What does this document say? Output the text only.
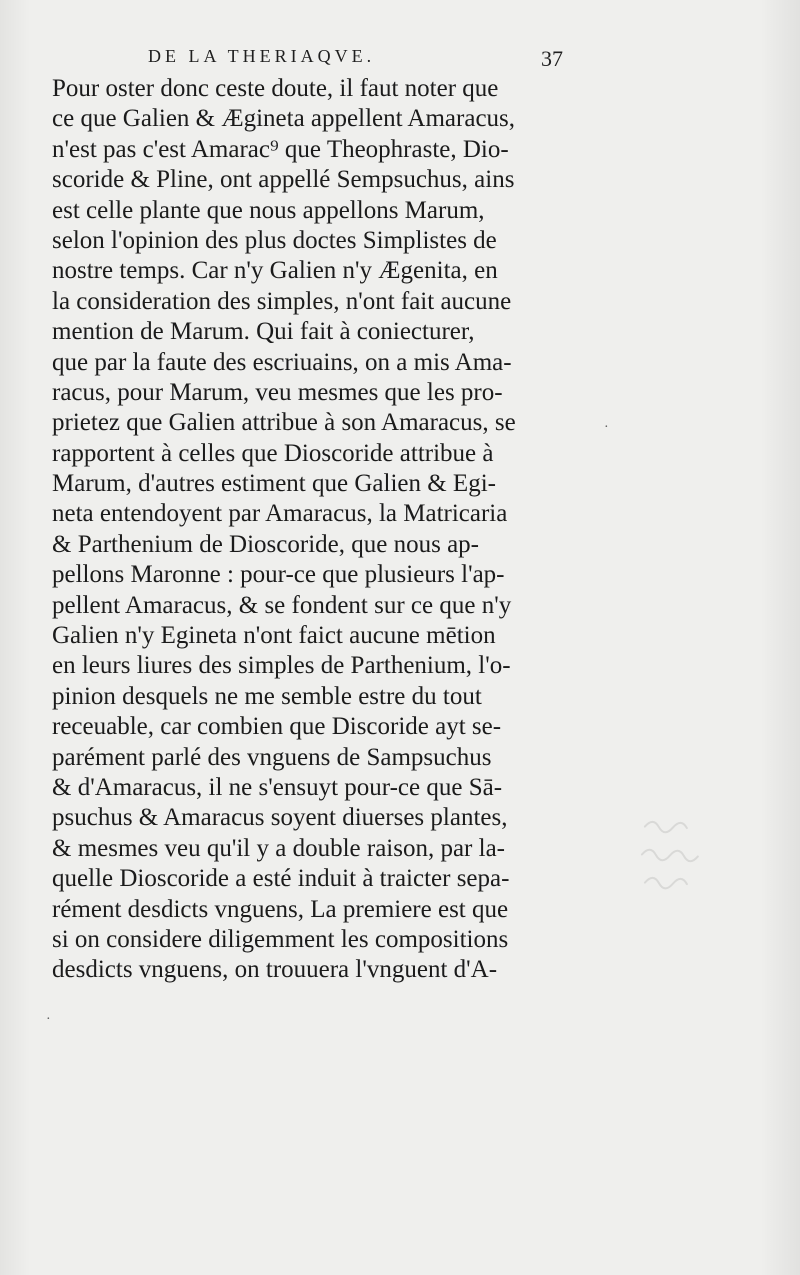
DE LA THERIAQVE.	37
Pour oster donc ceste doute, il faut noter que
ce que Galien & Ægineta appellent Amaracus,
n'est pas c'est Amarac⁹ que Theophraste, Dio-
scoride & Pline, ont appellé Sempsuchus, ains
est celle plante que nous appellons Marum,
selon l'opinion des plus doctes Simplistes de
nostre temps. Car n'y Galien n'y Ægenita, en
la consideration des simples, n'ont fait aucune
mention de Marum. Qui fait à coniecturer,
que par la faute des escriuains, on a mis Ama-
racus, pour Marum, veu mesmes que les pro-
prietez que Galien attribue à son Amaracus, se
rapportent à celles que Dioscoride attribue à
Marum, d'autres estiment que Galien & Egi-
neta entendoyent par Amaracus, la Matricaria
& Parthenium de Dioscoride, que nous ap-
pellons Maronne : pour-ce que plusieurs l'ap-
pellent Amaracus, & se fondent sur ce que n'y
Galien n'y Egineta n'ont faict aucune mētion
en leurs liures des simples de Parthenium, l'o-
pinion desquels ne me semble estre du tout
receuable, car combien que Discoride ayt se-
parément parlé des vnguens de Sampsuchus
& d'Amaracus, il ne s'ensuyt pour-ce que Sā-
psuchus & Amaracus soyent diuerses plantes,
& mesmes veu qu'il y a double raison, par la-
quelle Dioscoride a esté induit à traicter sepa-
rément desdicts vnguens, La premiere est que
si on considere diligemment les compositions
desdicts vnguens, on trouuera l'vnguent d'A-
·
·
